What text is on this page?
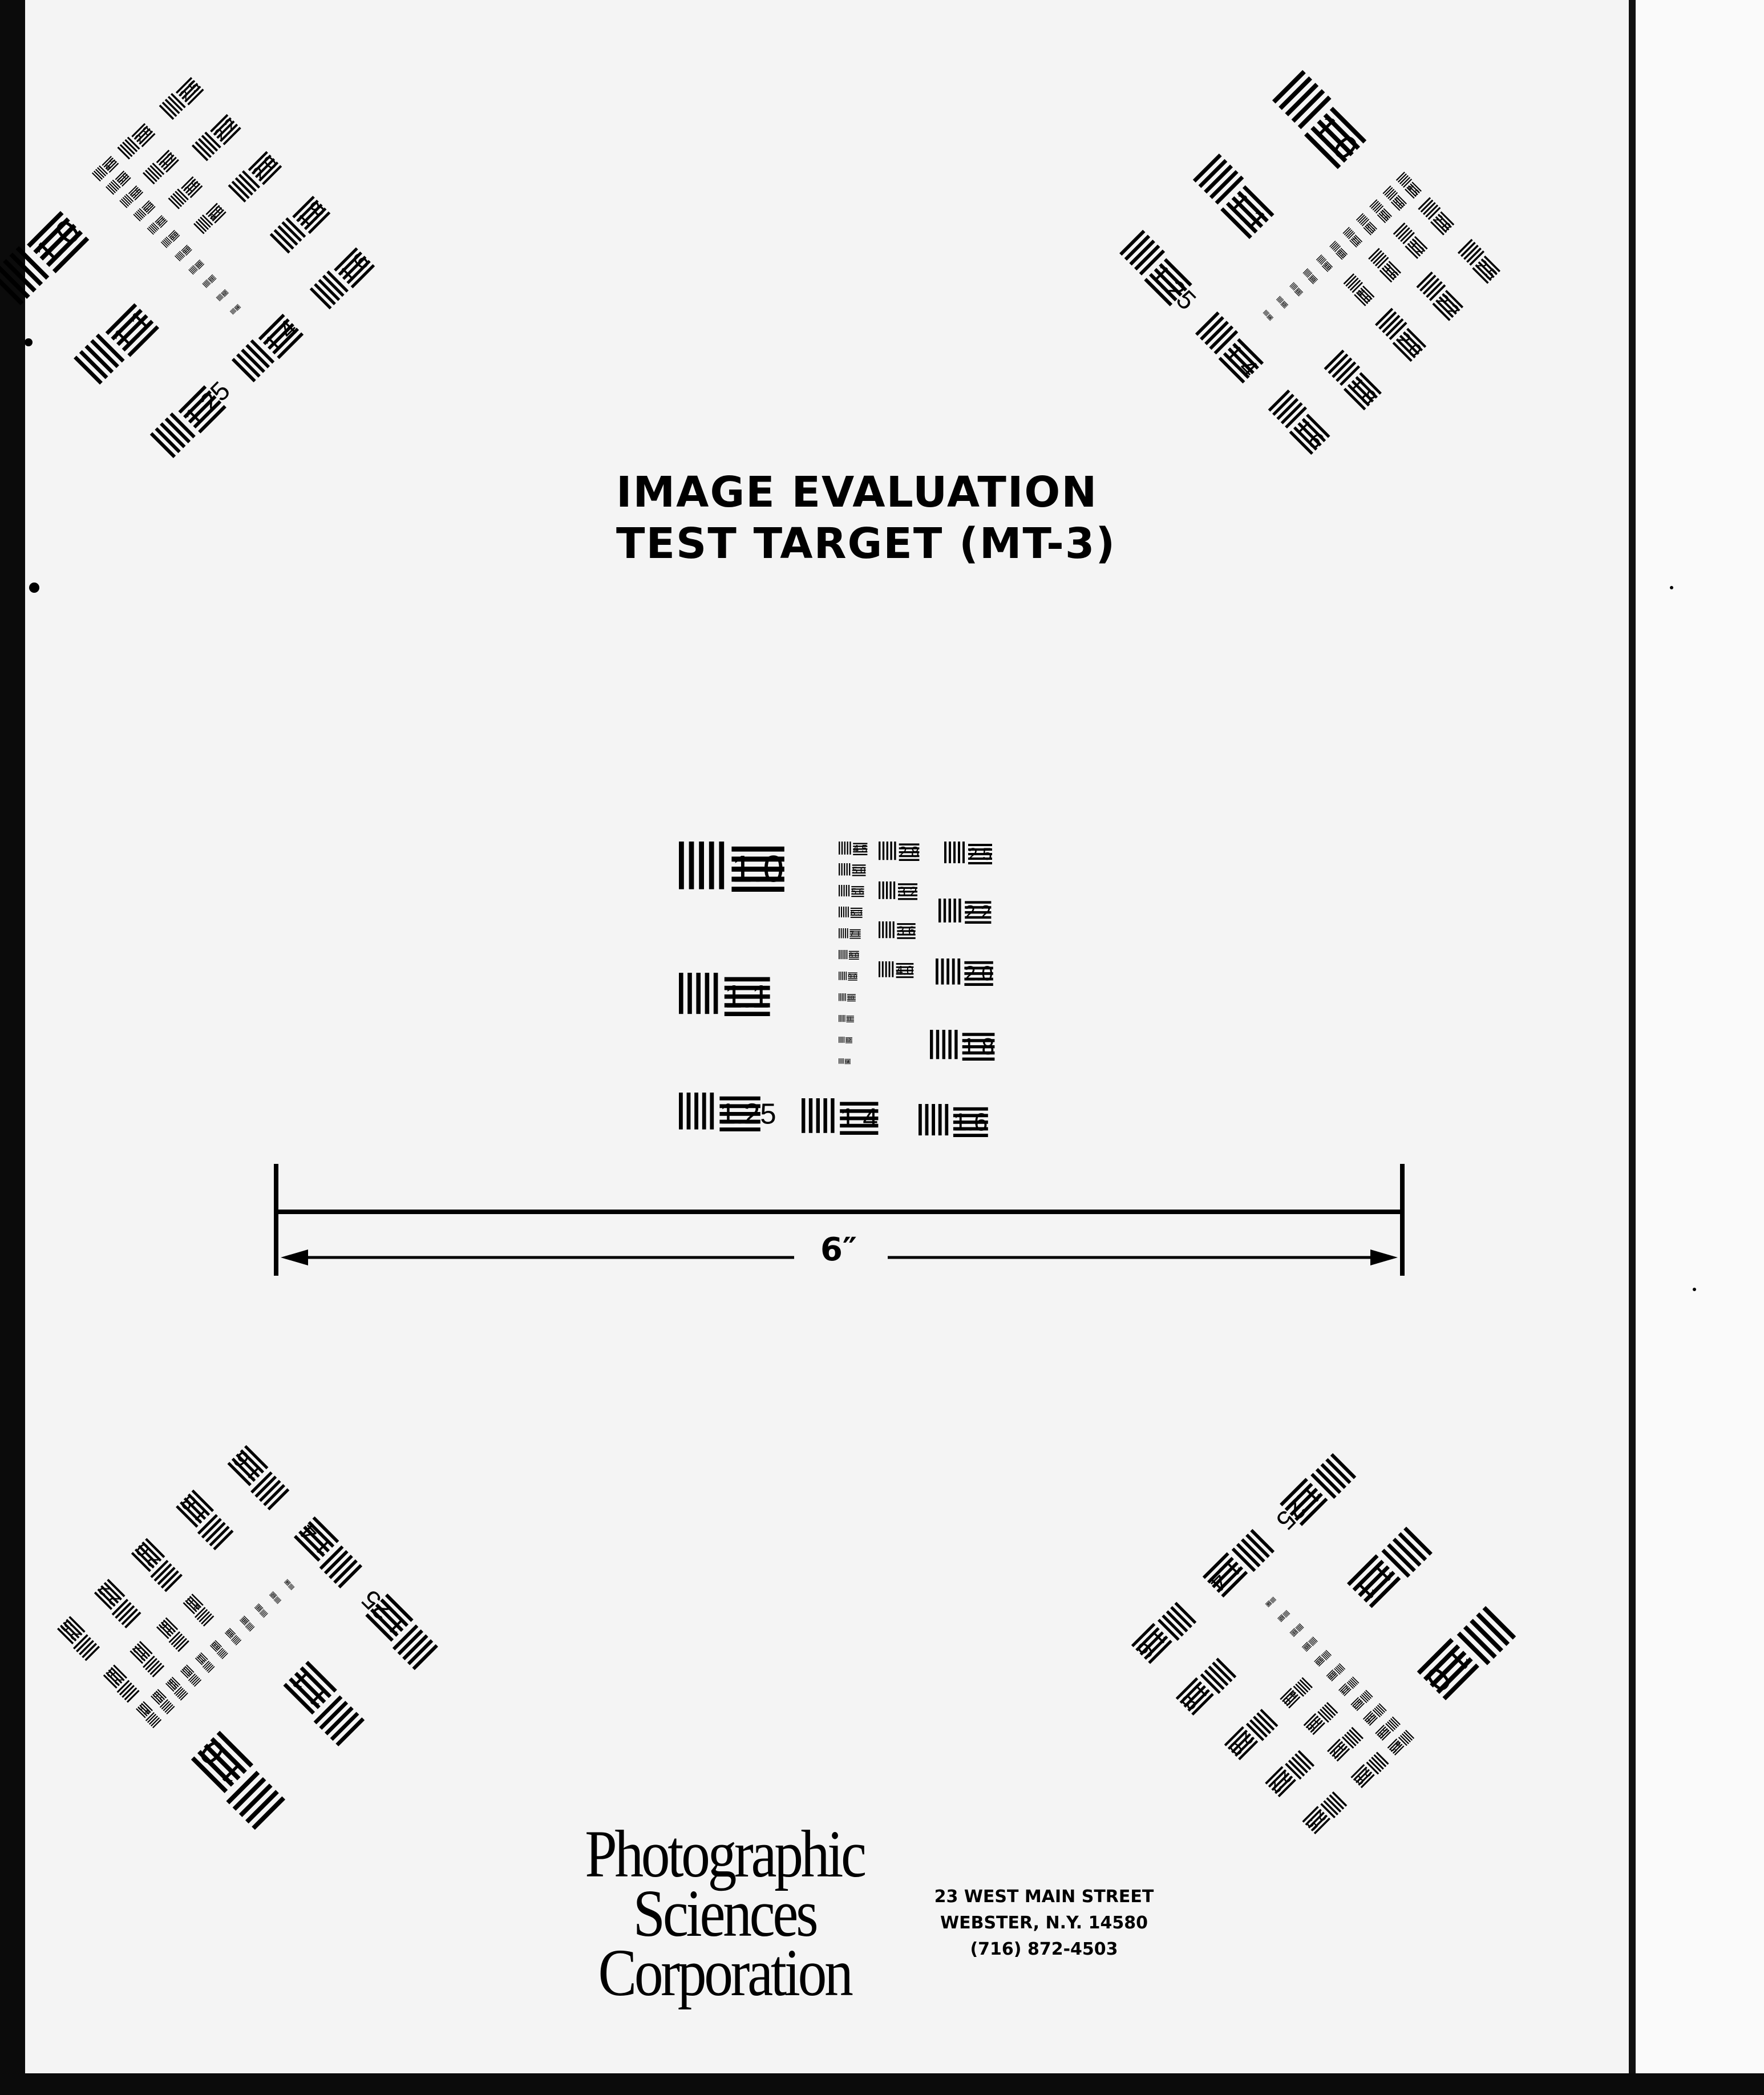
1.0
1.1
1.25	1.4	1.6
1.8
2.0
2.2
2.5
2.8
3.2
3.6
4.0
4.5
5.0
5.6
6.3
7.1
8.0
9.0
10
11
12
14
IMAGE EVALUATION
TEST TARGET (MT-3)
6″
Photographic
Sciences
Corporation
23 WEST MAIN STREET
WEBSTER, N.Y. 14580
(716) 872-4503
